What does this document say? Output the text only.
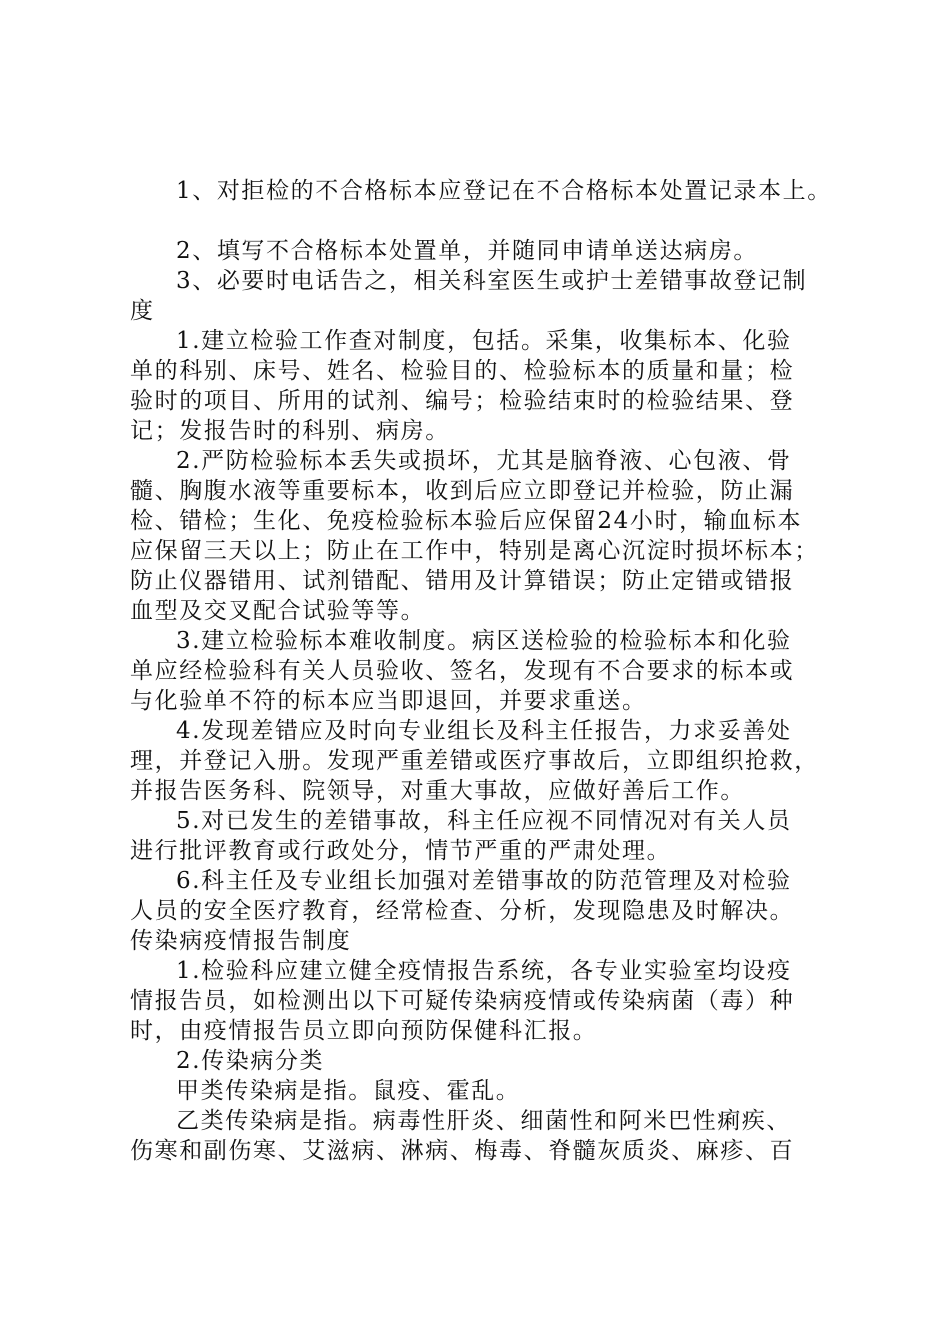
1、对拒检的不合格标本应登记在不合格标本处置记录本上。
2、填写不合格标本处置单，并随同申请单送达病房。
3、必要时电话告之，相关科室医生或护士差错事故登记制
度
1.建立检验工作查对制度，包括。采集，收集标本、化验
单的科别、床号、姓名、检验目的、检验标本的质量和量；检
验时的项目、所用的试剂、编号；检验结束时的检验结果、登
记；发报告时的科别、病房。
2.严防检验标本丢失或损坏，尤其是脑脊液、心包液、骨
髓、胸腹水液等重要标本，收到后应立即登记并检验，防止漏
检、错检；生化、免疫检验标本验后应保留24小时，输血标本
应保留三天以上；防止在工作中，特别是离心沉淀时损坏标本；
防止仪器错用、试剂错配、错用及计算错误；防止定错或错报
血型及交叉配合试验等等。
3.建立检验标本难收制度。病区送检验的检验标本和化验
单应经检验科有关人员验收、签名，发现有不合要求的标本或
与化验单不符的标本应当即退回，并要求重送。
4.发现差错应及时向专业组长及科主任报告，力求妥善处
理，并登记入册。发现严重差错或医疗事故后，立即组织抢救，
并报告医务科、院领导，对重大事故，应做好善后工作。
5.对已发生的差错事故，科主任应视不同情况对有关人员
进行批评教育或行政处分，情节严重的严肃处理。
6.科主任及专业组长加强对差错事故的防范管理及对检验
人员的安全医疗教育，经常检查、分析，发现隐患及时解决。
传染病疫情报告制度
1.检验科应建立健全疫情报告系统，各专业实验室均设疫
情报告员，如检测出以下可疑传染病疫情或传染病菌（毒）种
时，由疫情报告员立即向预防保健科汇报。
2.传染病分类
甲类传染病是指。鼠疫、霍乱。
乙类传染病是指。病毒性肝炎、细菌性和阿米巴性痢疾、
伤寒和副伤寒、艾滋病、淋病、梅毒、脊髓灰质炎、麻疹、百
